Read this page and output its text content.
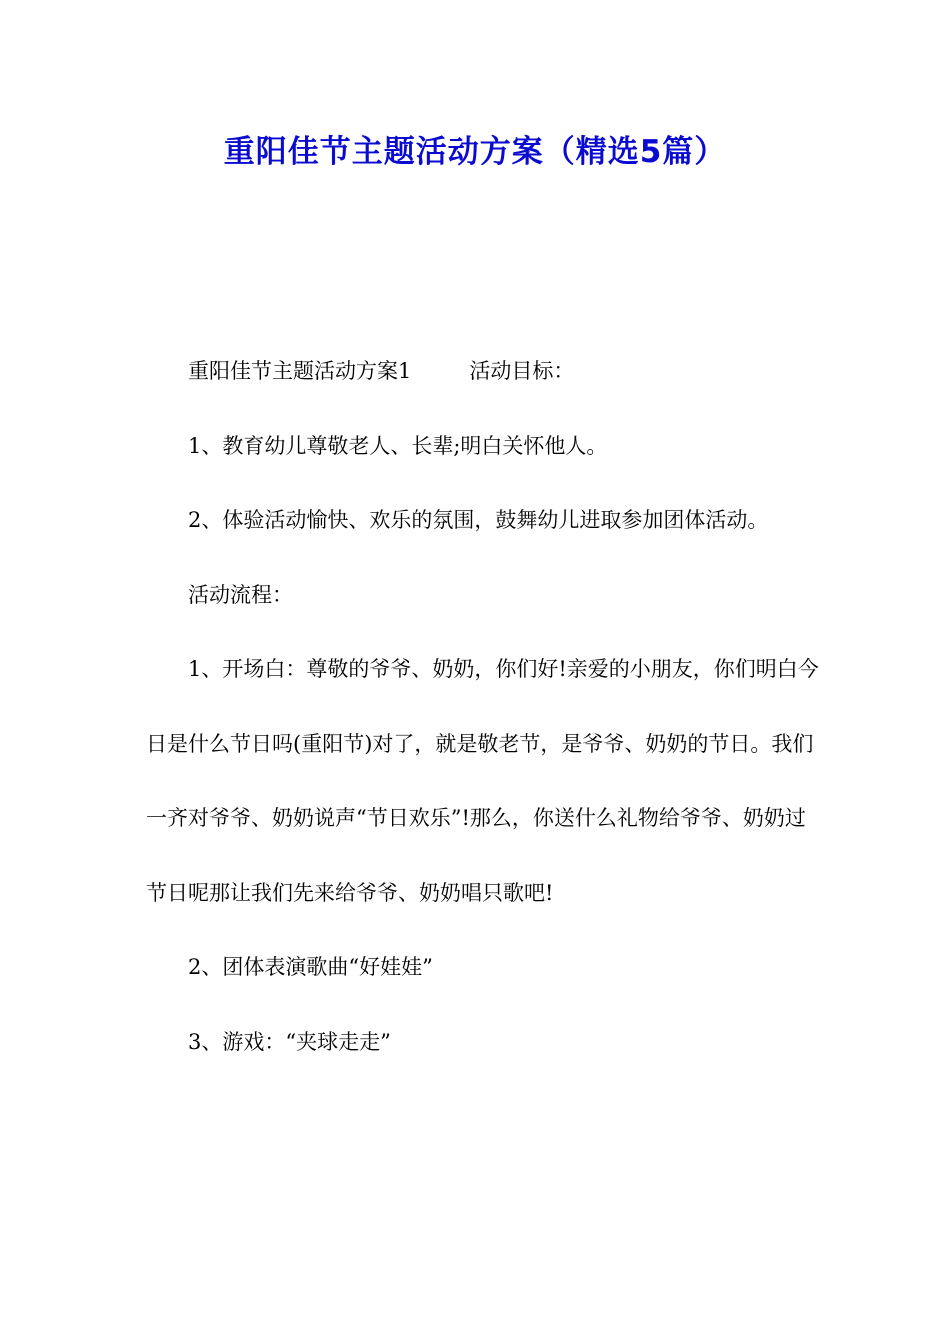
重阳佳节主题活动方案（精选5篇）

重阳佳节主题活动方案1	活动目标：

1、教育幼儿尊敬老人、长辈;明白关怀他人。

2、体验活动愉快、欢乐的氛围，鼓舞幼儿进取参加团体活动。

活动流程：

1、开场白：尊敬的爷爷、奶奶，你们好!亲爱的小朋友，你们明白今日是什么节日吗(重阳节)对了，就是敬老节，是爷爷、奶奶的节日。我们一齐对爷爷、奶奶说声“节日欢乐”!那么，你送什么礼物给爷爷、奶奶过节日呢那让我们先来给爷爷、奶奶唱只歌吧!

2、团体表演歌曲“好娃娃”

3、游戏：“夹球走走”
